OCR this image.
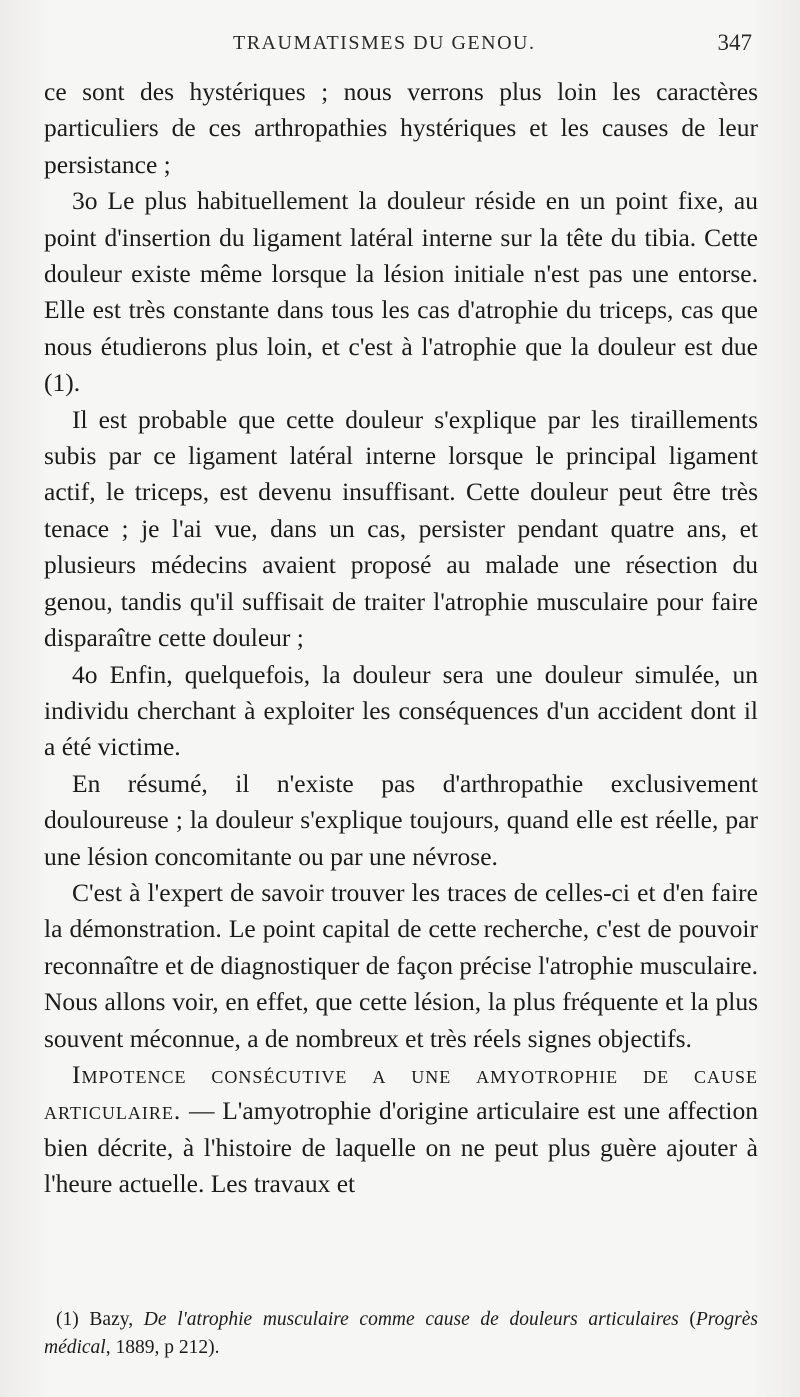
TRAUMATISMES DU GENOU.	347

ce sont des hystériques ; nous verrons plus loin les caractères particuliers de ces arthropathies hystériques et les causes de leur persistance ;

3o Le plus habituellement la douleur réside en un point fixe, au point d'insertion du ligament latéral interne sur la tête du tibia. Cette douleur existe même lorsque la lésion initiale n'est pas une entorse. Elle est très constante dans tous les cas d'atrophie du triceps, cas que nous étudierons plus loin, et c'est à l'atrophie que la douleur est due (1).

Il est probable que cette douleur s'explique par les tiraillements subis par ce ligament latéral interne lorsque le principal ligament actif, le triceps, est devenu insuffisant. Cette douleur peut être très tenace ; je l'ai vue, dans un cas, persister pendant quatre ans, et plusieurs médecins avaient proposé au malade une résection du genou, tandis qu'il suffisait de traiter l'atrophie musculaire pour faire disparaître cette douleur ;

4o Enfin, quelquefois, la douleur sera une douleur simulée, un individu cherchant à exploiter les conséquences d'un accident dont il a été victime.

En résumé, il n'existe pas d'arthropathie exclusivement douloureuse ; la douleur s'explique toujours, quand elle est réelle, par une lésion concomitante ou par une névrose.

C'est à l'expert de savoir trouver les traces de celles-ci et d'en faire la démonstration. Le point capital de cette recherche, c'est de pouvoir reconnaître et de diagnostiquer de façon précise l'atrophie musculaire. Nous allons voir, en effet, que cette lésion, la plus fréquente et la plus souvent méconnue, a de nombreux et très réels signes objectifs.

Impotence consécutive a une amyotrophie de cause articulaire. — L'amyotrophie d'origine articulaire est une affection bien décrite, à l'histoire de laquelle on ne peut plus guère ajouter à l'heure actuelle. Les travaux et

(1) Bazy, De l'atrophie musculaire comme cause de douleurs articulaires (Progrès médical, 1889, p 212).
